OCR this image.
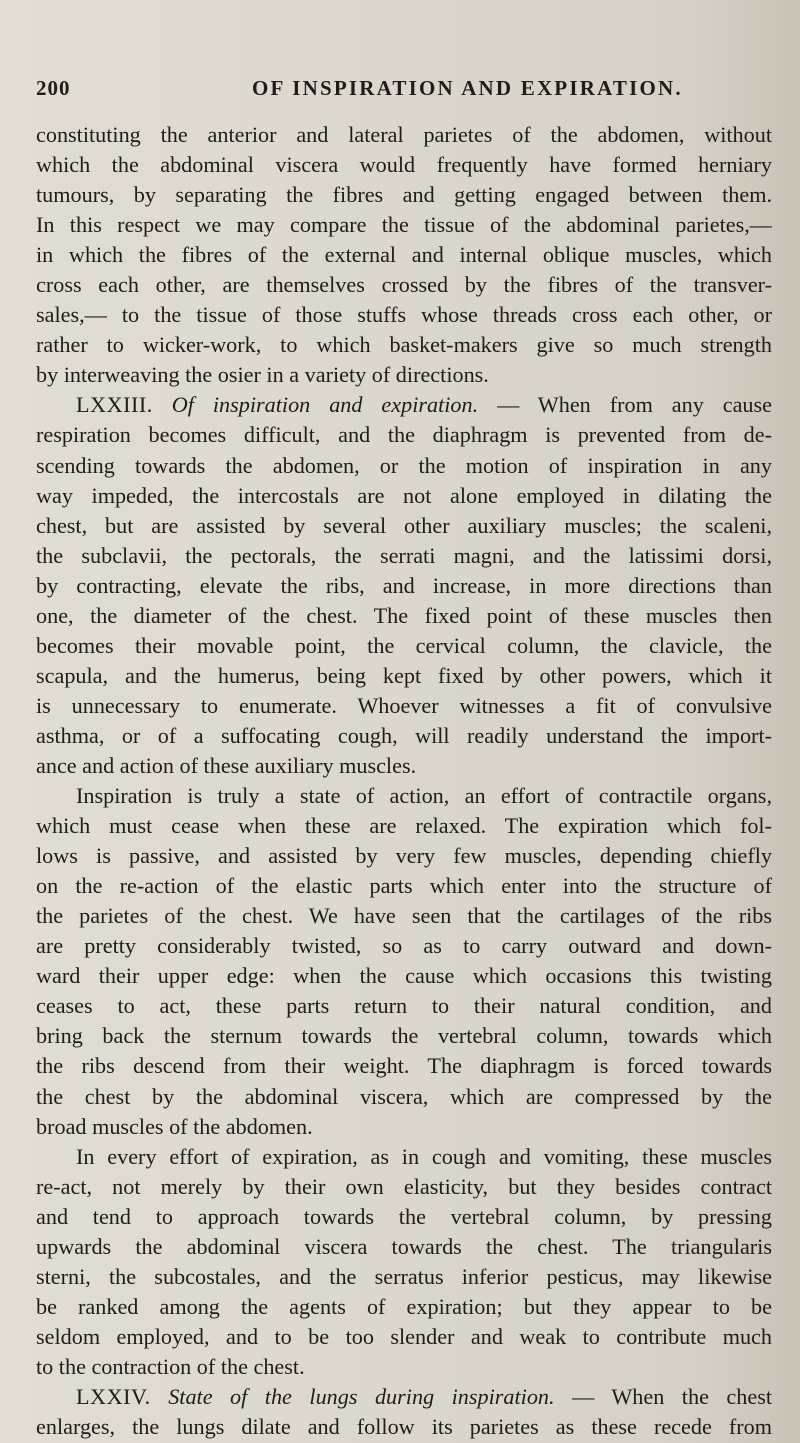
200	OF INSPIRATION AND EXPIRATION.
constituting the anterior and lateral parietes of the abdomen, without
which the abdominal viscera would frequently have formed herniary
tumours, by separating the fibres and getting engaged between them.
In this respect we may compare the tissue of the abdominal parietes,—
in which the fibres of the external and internal oblique muscles, which
cross each other, are themselves crossed by the fibres of the transver-
sales,— to the tissue of those stuffs whose threads cross each other, or
rather to wicker-work, to which basket-makers give so much strength
by interweaving the osier in a variety of directions.
LXXIII. Of inspiration and expiration. — When from any cause
respiration becomes difficult, and the diaphragm is prevented from de-
scending towards the abdomen, or the motion of inspiration in any
way impeded, the intercostals are not alone employed in dilating the
chest, but are assisted by several other auxiliary muscles; the scaleni,
the subclavii, the pectorals, the serrati magni, and the latissimi dorsi,
by contracting, elevate the ribs, and increase, in more directions than
one, the diameter of the chest. The fixed point of these muscles then
becomes their movable point, the cervical column, the clavicle, the
scapula, and the humerus, being kept fixed by other powers, which it
is unnecessary to enumerate. Whoever witnesses a fit of convulsive
asthma, or of a suffocating cough, will readily understand the import-
ance and action of these auxiliary muscles.
Inspiration is truly a state of action, an effort of contractile organs,
which must cease when these are relaxed. The expiration which fol-
lows is passive, and assisted by very few muscles, depending chiefly
on the re-action of the elastic parts which enter into the structure of
the parietes of the chest. We have seen that the cartilages of the ribs
are pretty considerably twisted, so as to carry outward and down-
ward their upper edge: when the cause which occasions this twisting
ceases to act, these parts return to their natural condition, and
bring back the sternum towards the vertebral column, towards which
the ribs descend from their weight. The diaphragm is forced towards
the chest by the abdominal viscera, which are compressed by the
broad muscles of the abdomen.
In every effort of expiration, as in cough and vomiting, these muscles
re-act, not merely by their own elasticity, but they besides contract
and tend to approach towards the vertebral column, by pressing
upwards the abdominal viscera towards the chest. The triangularis
sterni, the subcostales, and the serratus inferior pesticus, may likewise
be ranked among the agents of expiration; but they appear to be
seldom employed, and to be too slender and weak to contribute much
to the contraction of the chest.
LXXIV. State of the lungs during inspiration. — When the chest
enlarges, the lungs dilate and follow its parietes as these recede from
